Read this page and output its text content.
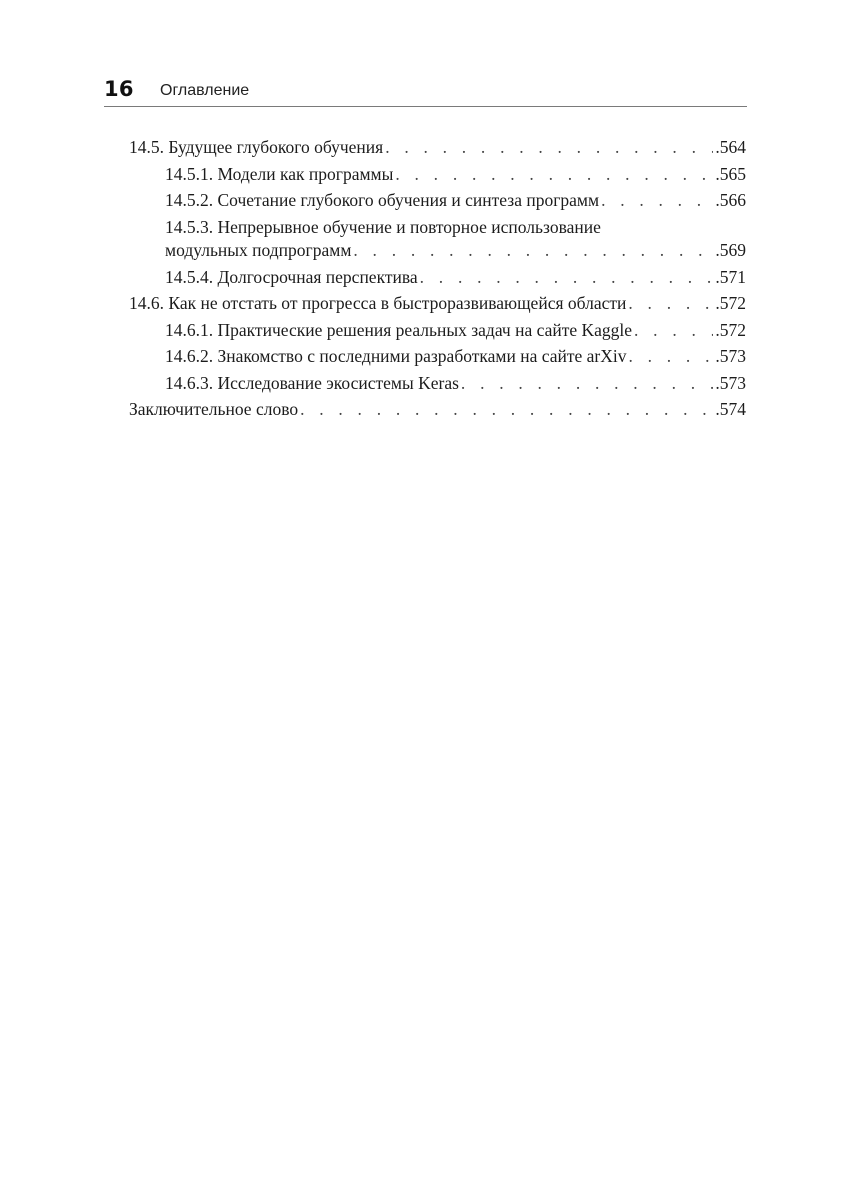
16 Оглавление
14.5. Будущее глубокого обучения . . .	. 564
14.5.1. Модели как программы . . .	. 565
14.5.2. Сочетание глубокого обучения и синтеза программ . . .	. 566
14.5.3. Непрерывное обучение и повторное использование
модульных подпрограмм . . .	. 569
14.5.4. Долгосрочная перспектива . . .	. 571
14.6. Как не отстать от прогресса в быстроразвивающейся области . . .	. 572
14.6.1. Практические решения реальных задач на сайте Kaggle . . .	. 572
14.6.2. Знакомство с последними разработками на сайте arXiv . . .	. 573
14.6.3. Исследование экосистемы Keras . . .	. 573
Заключительное слово . . .	. 574
